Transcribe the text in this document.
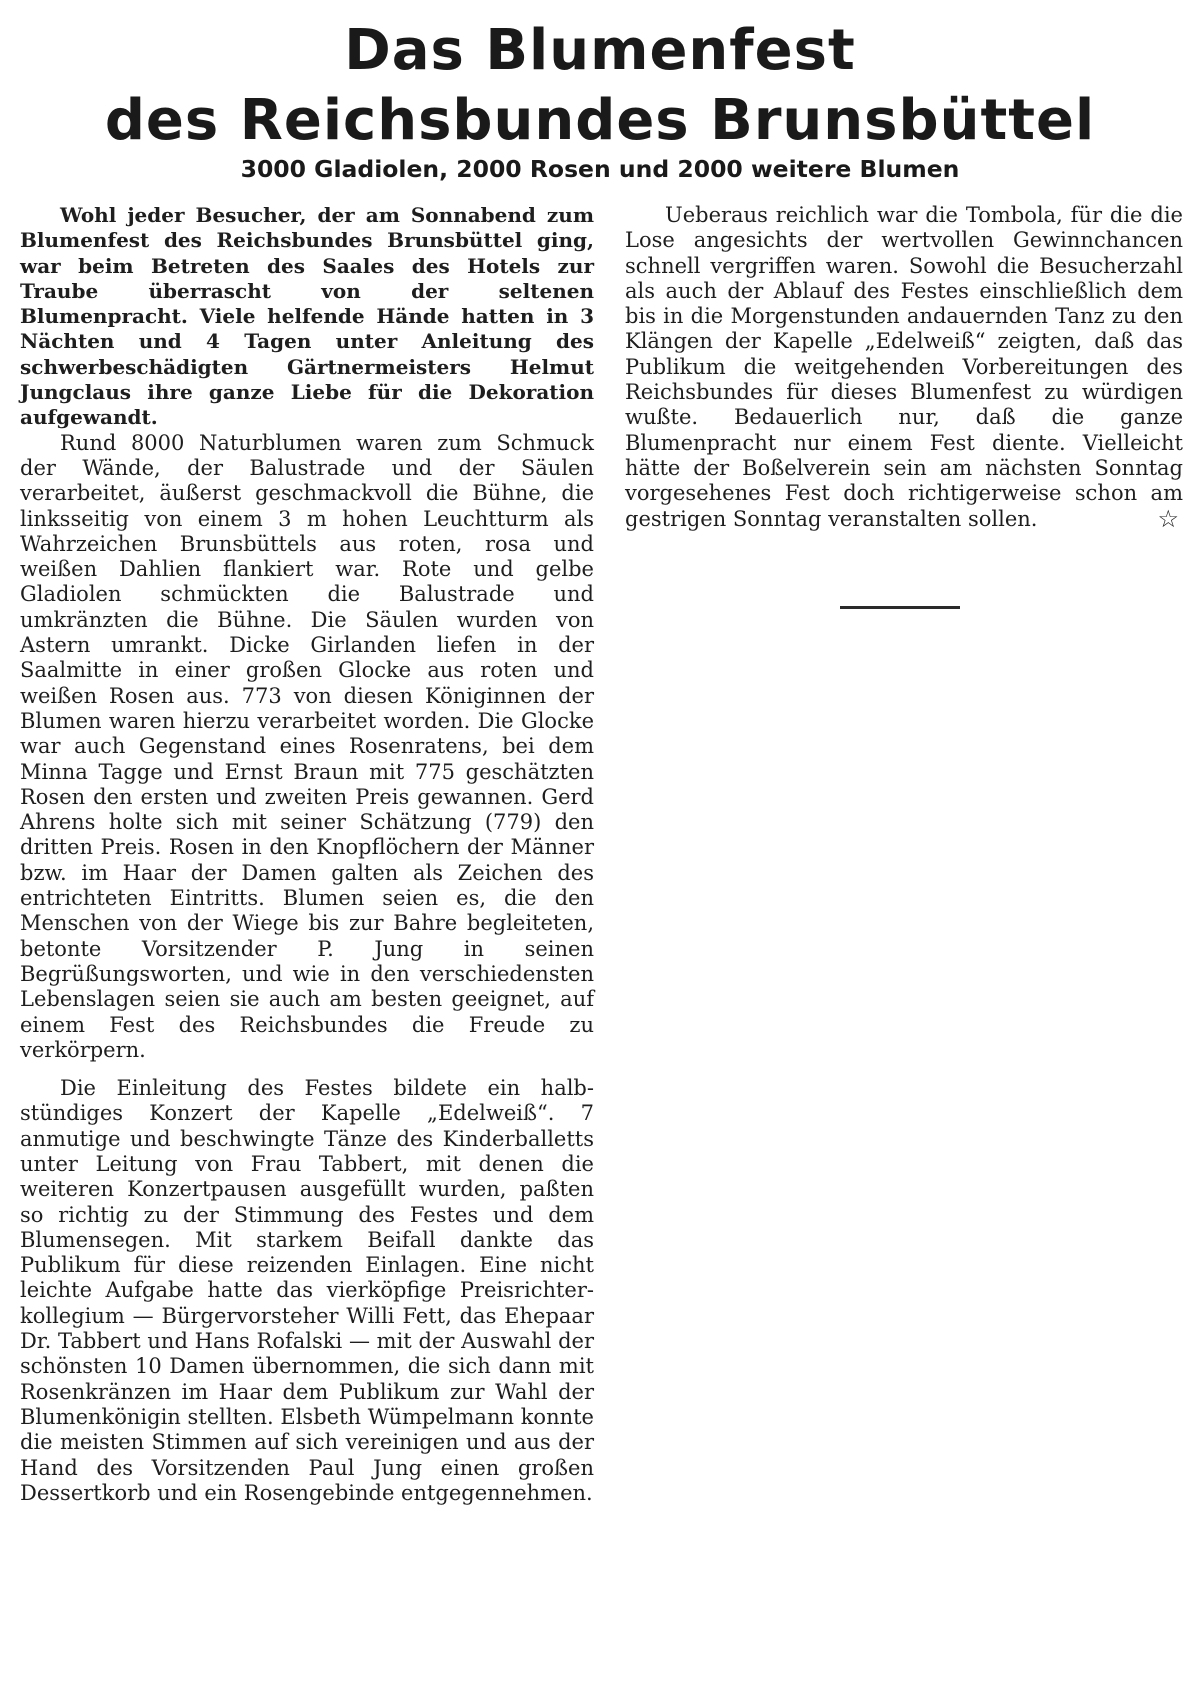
Das Blumenfest
des Reichsbundes Brunsbüttel
3000 Gladiolen, 2000 Rosen und 2000 weitere Blumen

Wohl jeder Besucher, der am Sonnabend zum Blumenfest des Reichsbundes Brunsbüttel ging, war beim Betreten des Saales des Hotels zur Traube überrascht von der seltenen Blumenpracht. Viele helfende Hände hatten in 3 Nächten und 4 Tagen unter Anleitung des schwerbeschädigten Gärtnermeisters Helmut Jungclaus ihre ganze Liebe für die Dekoration aufgewandt.

Rund 8000 Naturblumen waren zum Schmuck der Wände, der Balustrade und der Säulen verarbeitet, äußerst geschmackvoll die Bühne, die linksseitig von einem 3 m hohen Leuchtturm als Wahrzeichen Brunsbüttels aus roten, rosa und weißen Dahlien flankiert war. Rote und gelbe Gladiolen schmückten die Balustrade und umkränzten die Bühne. Die Säulen wurden von Astern umrankt. Dicke Girlanden liefen in der Saalmitte in einer großen Glocke aus roten und weißen Rosen aus. 773 von diesen Königinnen der Blumen waren hierzu verarbeitet worden. Die Glocke war auch Gegenstand eines Rosenratens, bei dem Minna Tagge und Ernst Braun mit 775 geschätzten Rosen den ersten und zweiten Preis gewannen. Gerd Ahrens holte sich mit seiner Schätzung (779) den dritten Preis. Rosen in den Knopflöchern der Männer bzw. im Haar der Damen galten als Zeichen des entrichteten Eintritts. Blumen seien es, die den Menschen von der Wiege bis zur Bahre begleiteten, betonte Vorsitzender P. Jung in seinen Begrüßungsworten, und wie in den verschiedensten Lebenslagen seien sie auch am besten geeignet, auf einem Fest des Reichsbundes die Freude zu verkörpern.

Die Einleitung des Festes bildete ein halbstündiges Konzert der Kapelle „Edelweiß“. 7 anmutige und beschwingte Tänze des Kinderballetts unter Leitung von Frau Tabbert, mit denen die weiteren Konzertpausen ausgefüllt wurden, paßten so richtig zu der Stimmung des Festes und dem Blumensegen. Mit starkem Beifall dankte das Publikum für diese reizenden Einlagen. Eine nicht leichte Aufgabe hatte das vierköpfige Preisrichterkollegium — Bürgervorsteher Willi Fett, das Ehepaar Dr. Tabbert und Hans Rofalski — mit der Auswahl der schönsten 10 Damen übernommen, die sich dann mit Rosenkränzen im Haar dem Publikum zur Wahl der Blumenkönigin stellten. Elsbeth Wümpelmann konnte die meisten Stimmen auf sich vereinigen und aus der Hand des Vorsitzenden Paul Jung einen großen Dessertkorb und ein Rosengebinde entgegennehmen.

Ueberaus reichlich war die Tombola, für die die Lose angesichts der wertvollen Gewinnchancen schnell vergriffen waren. Sowohl die Besucherzahl als auch der Ablauf des Festes einschließlich dem bis in die Morgenstunden andauernden Tanz zu den Klängen der Kapelle „Edelweiß“ zeigten, daß das Publikum die weitgehenden Vorbereitungen des Reichsbundes für dieses Blumenfest zu würdigen wußte. Bedauerlich nur, daß die ganze Blumenpracht nur einem Fest diente. Vielleicht hätte der Boßelverein sein am nächsten Sonntag vorgesehenes Fest doch richtigerweise schon am gestrigen Sonntag veranstalten sollen.	☆
